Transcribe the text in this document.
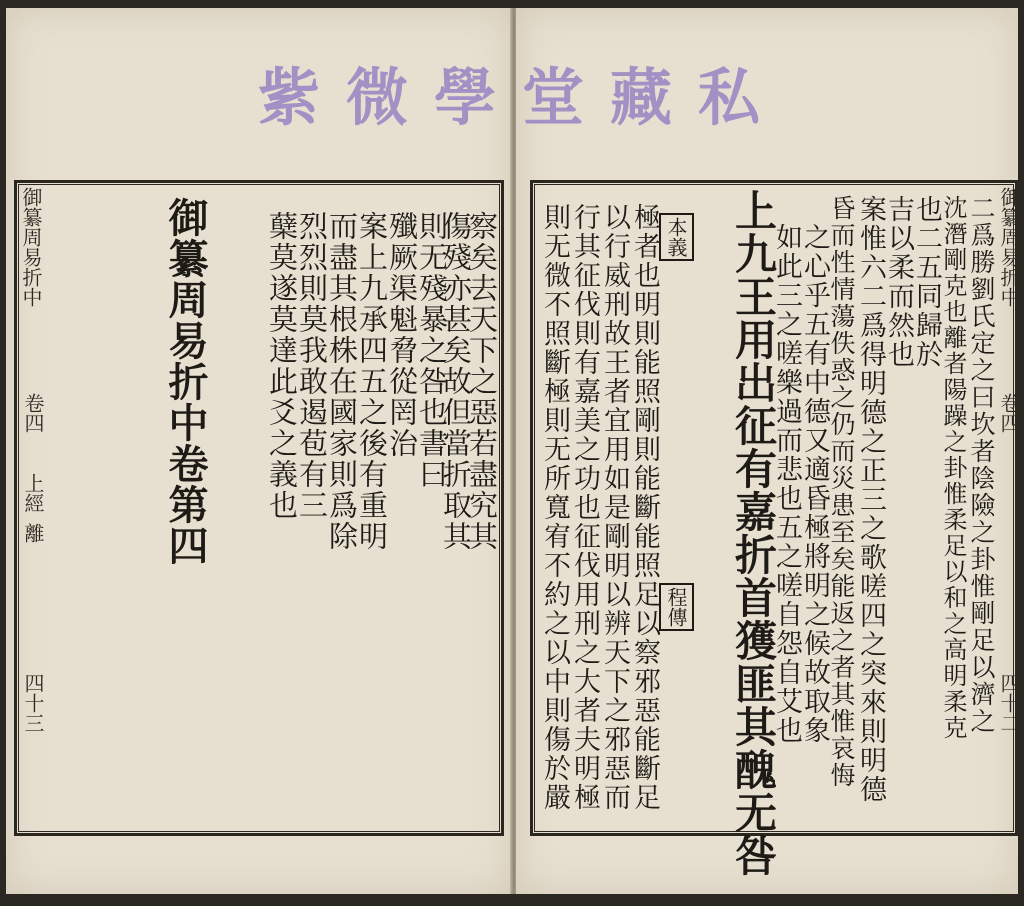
御纂周易折中
卷四
上經
離
四十三
御纂周易折中卷第四 蘖莫遂莫達此爻之義也
烈烈則莫我敢遏苞有三
而盡其根株在國家則爲除
案上九承四五之後有重明
殲厥渠魁脅從罔治
則无殘暴之咎也書曰
傷殘亦甚矣故但當折取其
察矣去天下之惡若盡究其 則无微不照斷極則无所寬宥不約之以中則傷於嚴 行其征伐則有嘉美之功也征伐用刑之大者夫明極 以行威刑故王者宜用如是剛明以辨天下之邪惡而 極者也明則能照剛則能斷能照足以察邪惡能斷足 本義
程傳 上九王用出征有嘉折首獲匪其醜无咎
如此三之嗟樂過而悲也五之嗟自怨自艾也
之心乎五有中德又適昏極將明之候故取象
昏而性情蕩佚惑之仍而災患至矣能返之者其惟哀悔 案惟六二爲得明德之正三之歌嗟四之突來則明德
吉以柔而然也
也二五同歸於
沈潛剛克也離者陽躁之卦惟柔足以和之高明柔克 二爲勝劉氏定之曰坎者陰險之卦惟剛足以濟之 御纂周易折中
卷四
四十二
紫微學堂藏私
